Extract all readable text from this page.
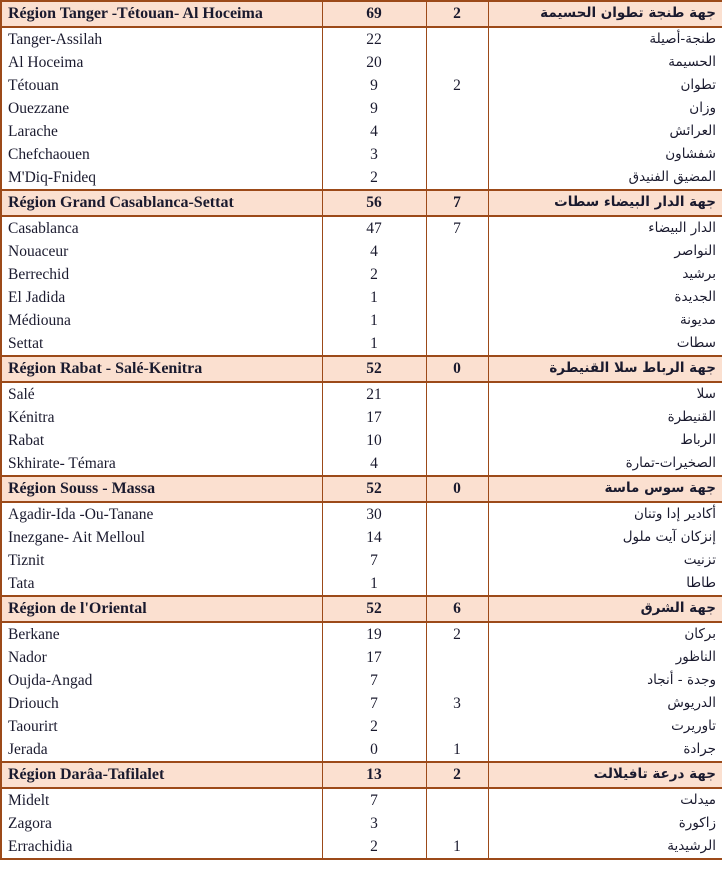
Région Tanger -Tétouan- Al Hoceima	69	2	جهة طنجة تطوان الحسيمة
Tanger-Assilah	22		طنجة-أصيلة
Al Hoceima	20		الحسيمة
Tétouan	9	2	تطوان
Ouezzane	9		وزان
Larache	4		العرائش
Chefchaouen	3		شفشاون
M'Diq-Fnideq	2		المضيق الفنيدق
Région Grand Casablanca-Settat	56	7	جهة الدار البيضاء سطات
Casablanca	47	7	الدار البيضاء
Nouaceur	4		النواصر
Berrechid	2		برشيد
El Jadida	1		الجديدة
Médiouna	1		مديونة
Settat	1		سطات
Région Rabat - Salé-Kenitra	52	0	جهة الرباط سلا القنيطرة
Salé	21		سلا
Kénitra	17		القنيطرة
Rabat	10		الرباط
Skhirate- Témara	4		الصخيرات-تمارة
Région Souss - Massa	52	0	جهة سوس ماسة
Agadir-Ida -Ou-Tanane	30		أكادير إدا وتنان
Inezgane- Ait Melloul	14		إنزكان آيت ملول
Tiznit	7		تزنيت
Tata	1		طاطا
Région de l'Oriental	52	6	جهة الشرق
Berkane	19	2	بركان
Nador	17		الناظور
Oujda-Angad	7		وجدة - أنجاد
Driouch	7	3	الدريوش
Taourirt	2		تاوريرت
Jerada	0	1	جرادة
Région Darâa-Tafilalet	13	2	جهة درعة تافيلالت
Midelt	7		ميدلت
Zagora	3		زاكورة
Errachidia	2	1	الرشيدية
